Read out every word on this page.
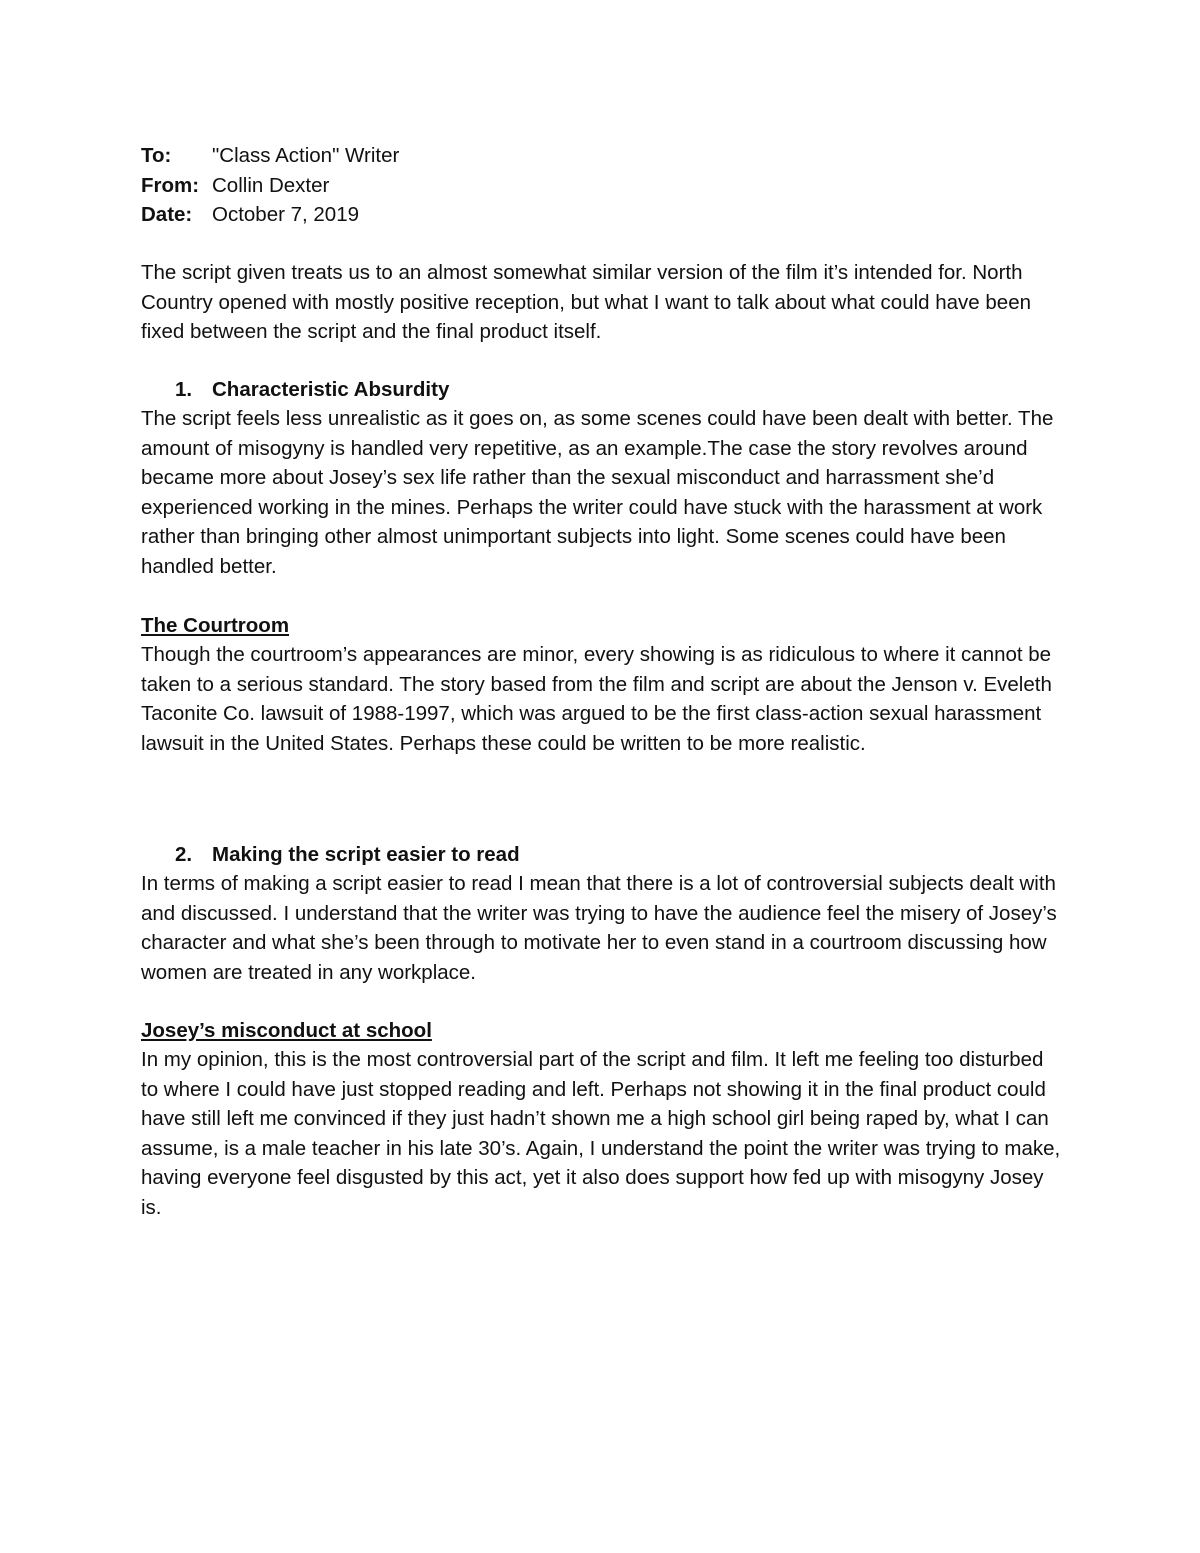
To:	"Class Action" Writer
From: Collin Dexter
Date: October 7, 2019

The script given treats us to an almost somewhat similar version of the film it’s intended for. North Country opened with mostly positive reception, but what I want to talk about what could have been fixed between the script and the final product itself.

1. Characteristic Absurdity

The script feels less unrealistic as it goes on, as some scenes could have been dealt with better. The amount of misogyny is handled very repetitive, as an example.The case the story revolves around became more about Josey’s sex life rather than the sexual misconduct and harrassment she’d experienced working in the mines. Perhaps the writer could have stuck with the harassment at work rather than bringing other almost unimportant subjects into light. Some scenes could have been handled better.

The Courtroom

Though the courtroom’s appearances are minor, every showing is as ridiculous to where it cannot be taken to a serious standard. The story based from the film and script are about the Jenson v. Eveleth Taconite Co. lawsuit of 1988-1997, which was argued to be the first class-action sexual harassment lawsuit in the United States. Perhaps these could be written to be more realistic.

2. Making the script easier to read

In terms of making a script easier to read I mean that there is a lot of controversial subjects dealt with and discussed. I understand that the writer was trying to have the audience feel the misery of Josey’s character and what she’s been through to motivate her to even stand in a courtroom discussing how women are treated in any workplace.

Josey’s misconduct at school

In my opinion, this is the most controversial part of the script and film. It left me feeling too disturbed to where I could have just stopped reading and left. Perhaps not showing it in the final product could have still left me convinced if they just hadn’t shown me a high school girl being raped by, what I can assume, is a male teacher in his late 30’s. Again, I understand the point the writer was trying to make, having everyone feel disgusted by this act, yet it also does support how fed up with misogyny Josey is.
